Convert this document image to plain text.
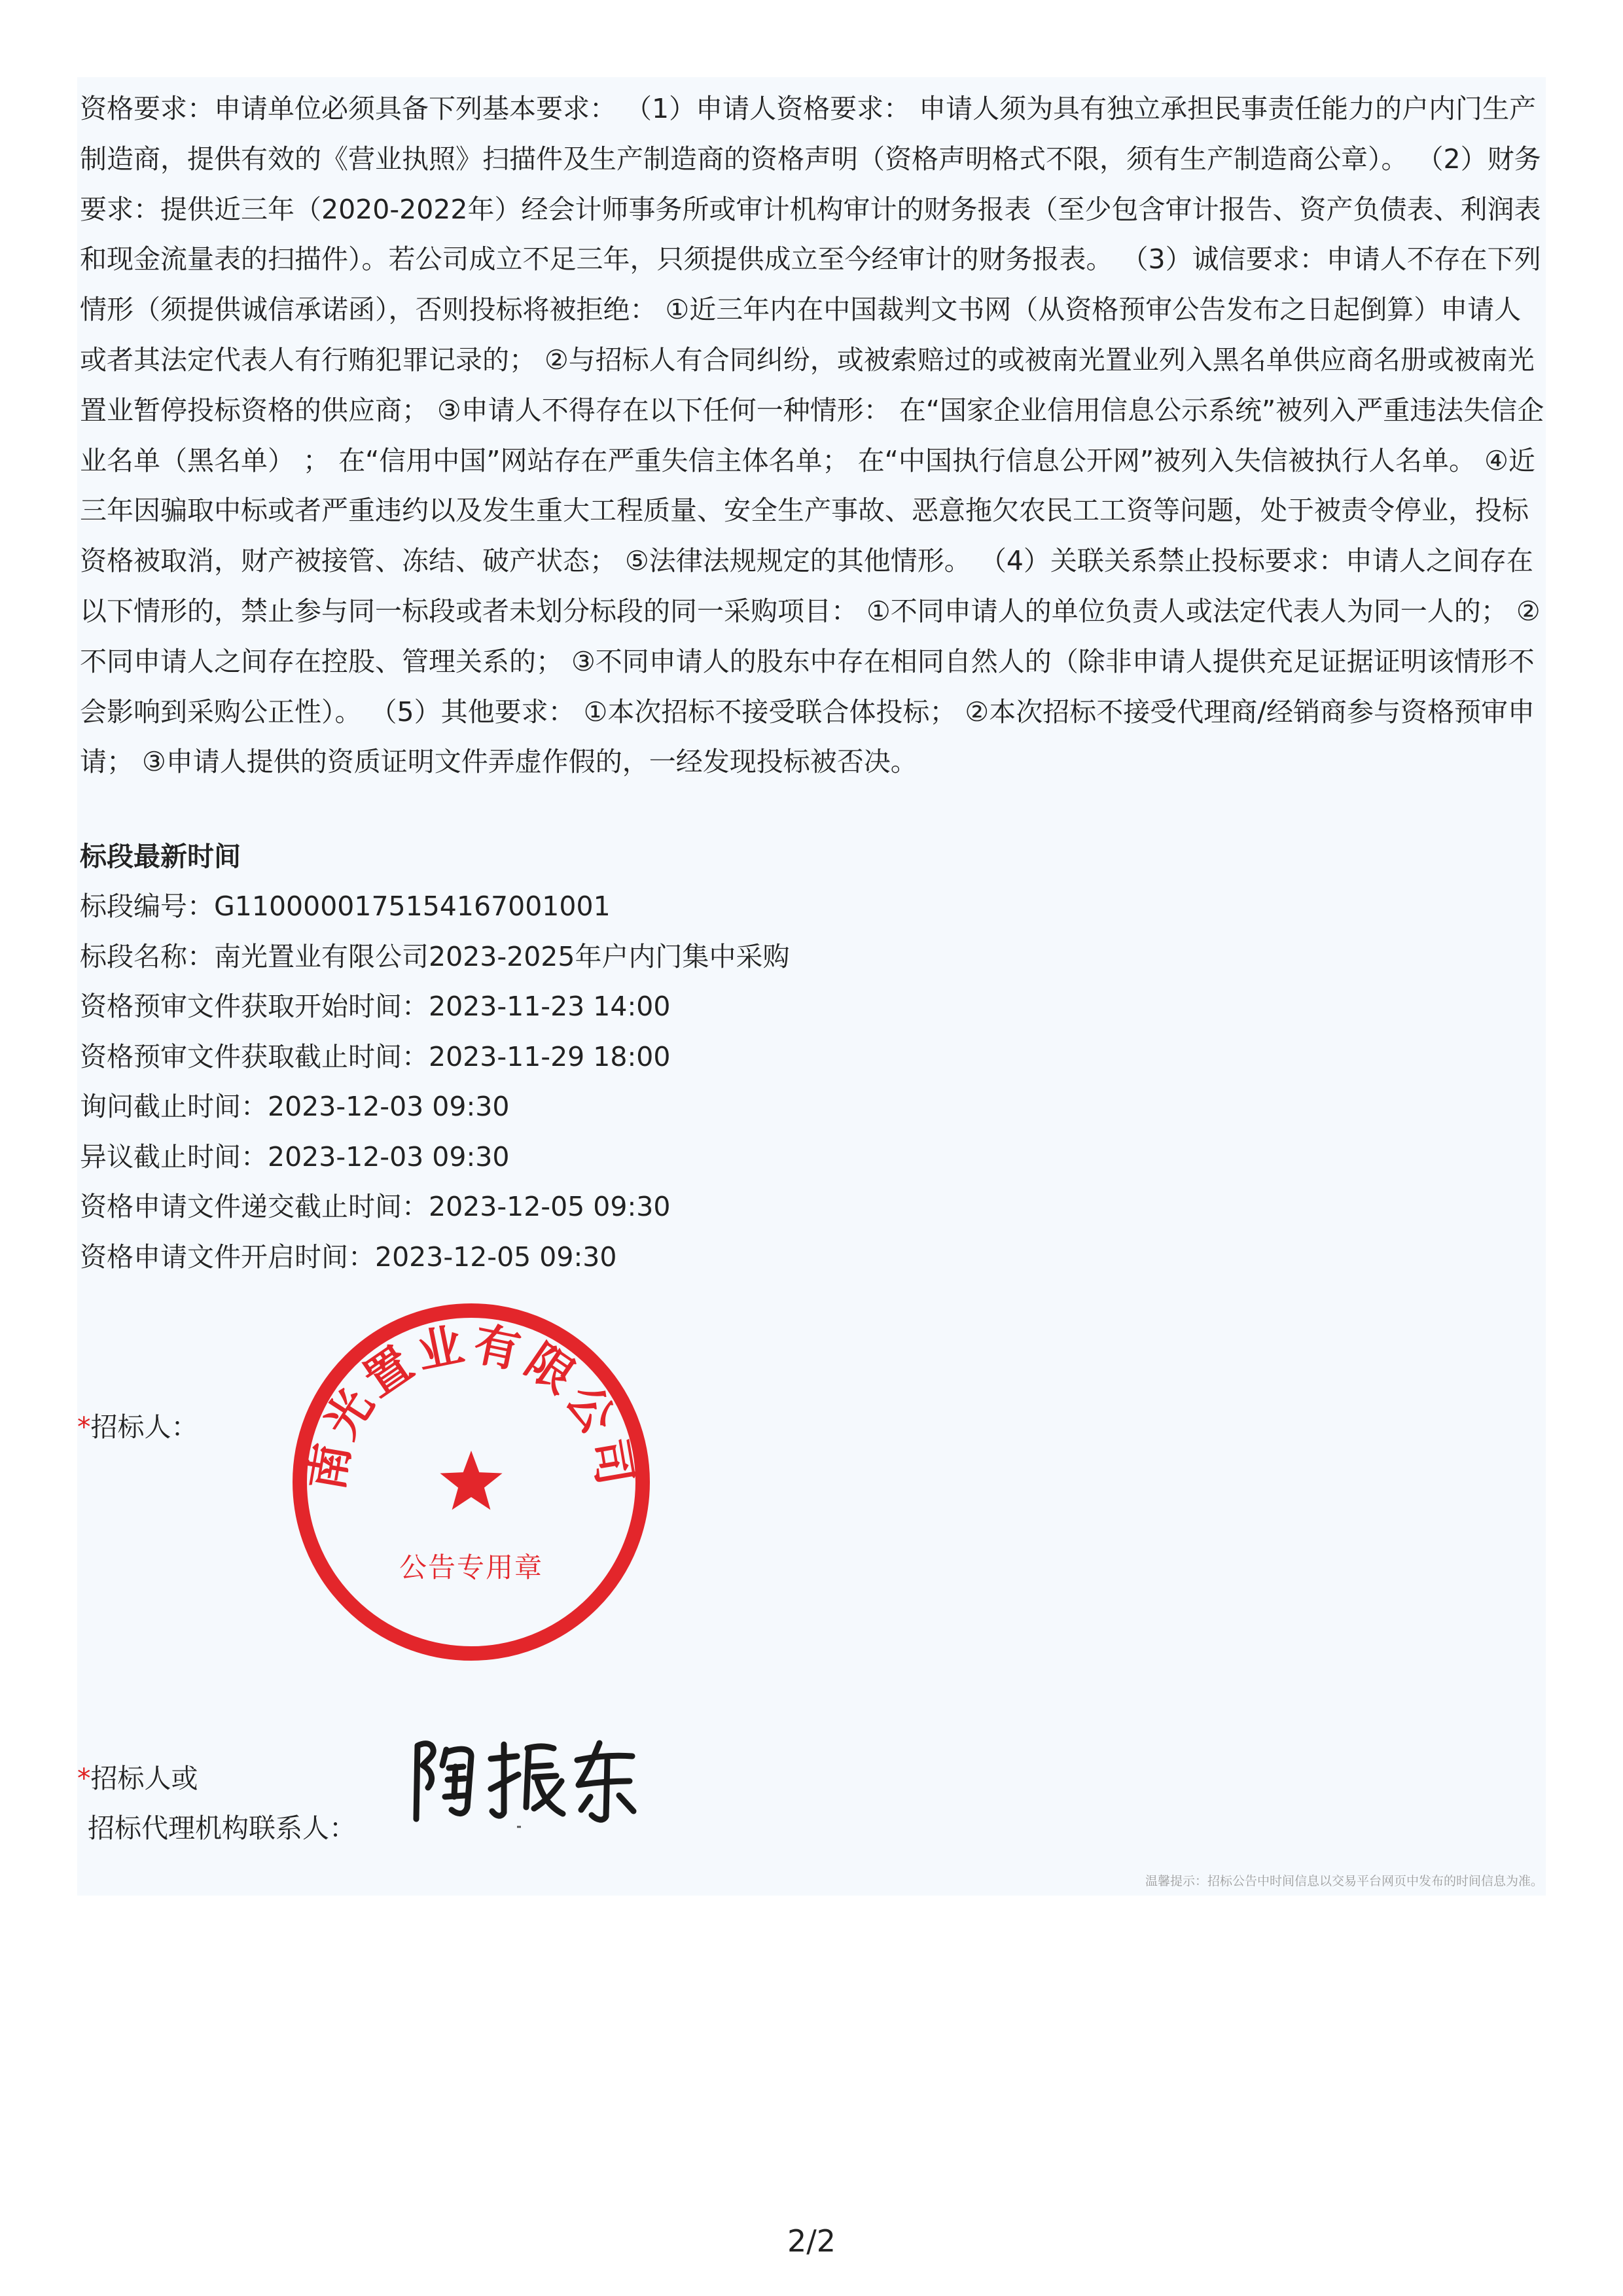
资格要求：申请单位必须具备下列基本要求： （1）申请人资格要求： 申请人须为具有独立承担民事责任能力的户内门生产制造商，提供有效的《营业执照》扫描件及生产制造商的资格声明（资格声明格式不限，须有生产制造商公章）。 （2）财务要求：提供近三年（2020-2022年）经会计师事务所或审计机构审计的财务报表（至少包含审计报告、资产负债表、利润表和现金流量表的扫描件）。若公司成立不足三年，只须提供成立至今经审计的财务报表。 （3）诚信要求：申请人不存在下列情形（须提供诚信承诺函），否则投标将被拒绝： ①近三年内在中国裁判文书网（从资格预审公告发布之日起倒算）申请人或者其法定代表人有行贿犯罪记录的； ②与招标人有合同纠纷，或被索赔过的或被南光置业列入黑名单供应商名册或被南光置业暂停投标资格的供应商； ③申请人不得存在以下任何一种情形： 在“国家企业信用信息公示系统”被列入严重违法失信企业名单（黑名单） ； 在“信用中国”网站存在严重失信主体名单； 在“中国执行信息公开网”被列入失信被执行人名单。 ④近三年因骗取中标或者严重违约以及发生重大工程质量、安全生产事故、恶意拖欠农民工工资等问题，处于被责令停业，投标资格被取消，财产被接管、冻结、破产状态； ⑤法律法规规定的其他情形。 （4）关联关系禁止投标要求：申请人之间存在以下情形的，禁止参与同一标段或者未划分标段的同一采购项目： ①不同申请人的单位负责人或法定代表人为同一人的； ②不同申请人之间存在控股、管理关系的； ③不同申请人的股东中存在相同自然人的（除非申请人提供充足证据证明该情形不会影响到采购公正性）。 （5）其他要求： ①本次招标不接受联合体投标； ②本次招标不接受代理商/经销商参与资格预审申请； ③申请人提供的资质证明文件弄虚作假的，一经发现投标被否决。

标段最新时间
标段编号：G1100000175154167001001
标段名称：南光置业有限公司2023-2025年户内门集中采购
资格预审文件获取开始时间：2023-11-23 14:00
资格预审文件获取截止时间：2023-11-29 18:00
询问截止时间：2023-12-03 09:30
异议截止时间：2023-12-03 09:30
资格申请文件递交截止时间：2023-12-05 09:30
资格申请文件开启时间：2023-12-05 09:30
*招标人：
南光置业有限公司
公告专用章
*招标人或
招标代理机构联系人：
温馨提示：招标公告中时间信息以交易平台网页中发布的时间信息为准。
2/2
